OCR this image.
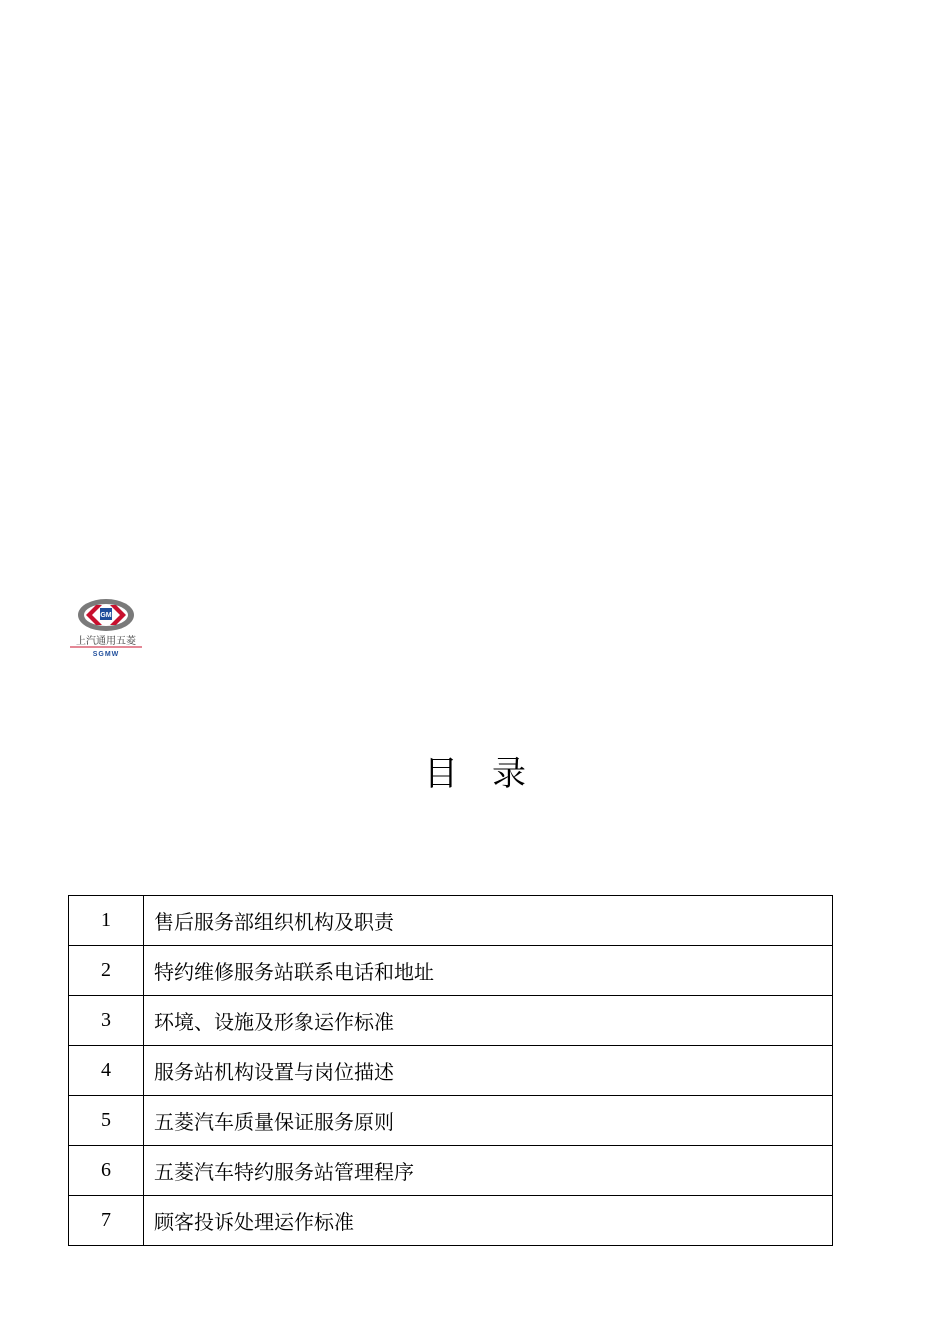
GM
上汽通用五菱
SGMW
目录
1	售后服务部组织机构及职责
2	特约维修服务站联系电话和地址
3	环境、设施及形象运作标准
4	服务站机构设置与岗位描述
5	五菱汽车质量保证服务原则
6	五菱汽车特约服务站管理程序
7	顾客投诉处理运作标准
